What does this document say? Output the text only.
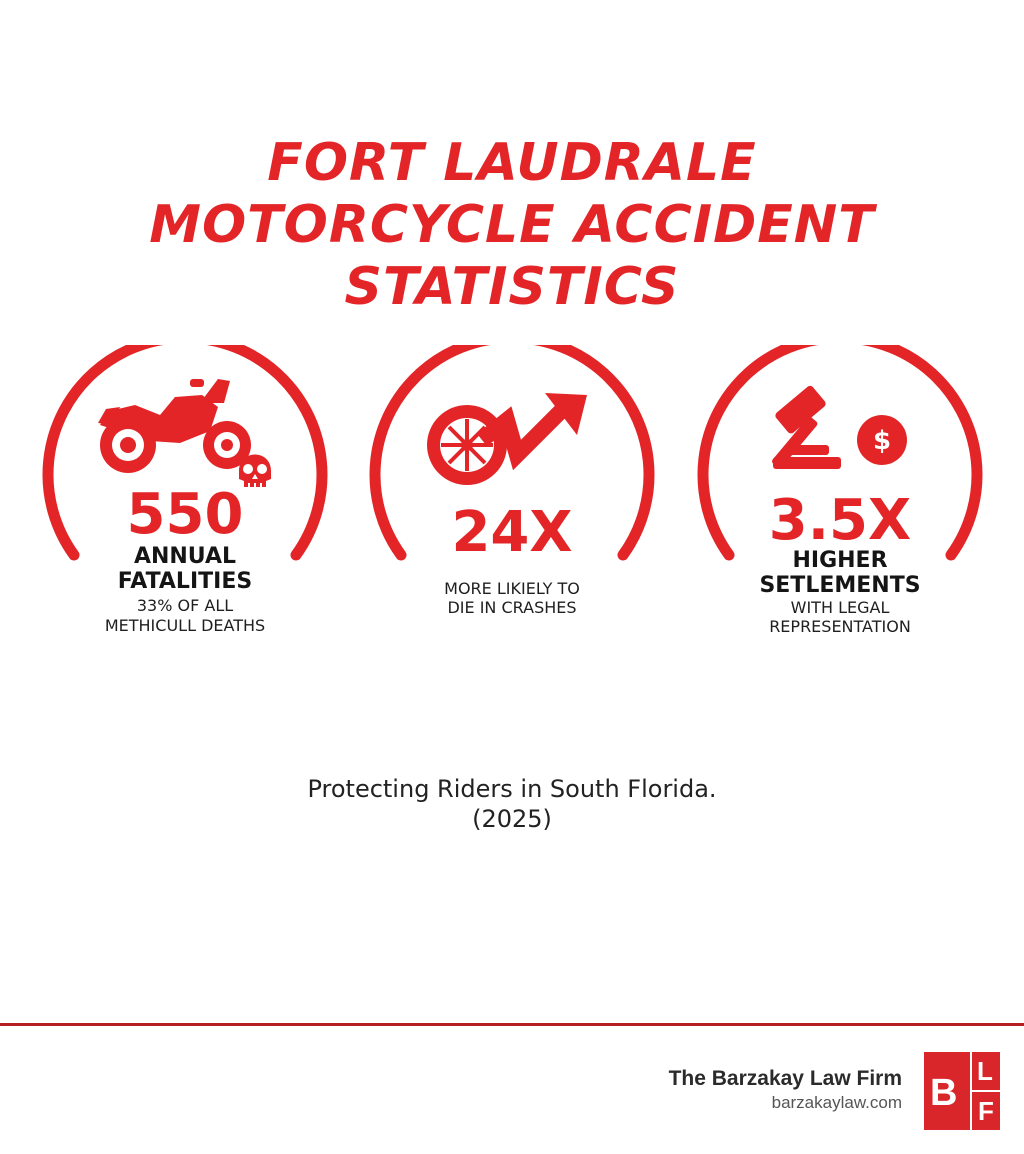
FORT LAUDRALE
MOTORCYCLE ACCIDENT
STATISTICS
550
ANNUAL
FATALITIES
33% OF ALL
METHICULL DEATHS
24X
MORE LIKIELY TO
DIE IN CRASHES
$
3.5X
HIGHER
SETLEMENTS
WITH LEGAL
REPRESENTATION
Protecting Riders in South Florida.
(2025)
The Barzakay Law Firm
barzakaylaw.com B
L
F
